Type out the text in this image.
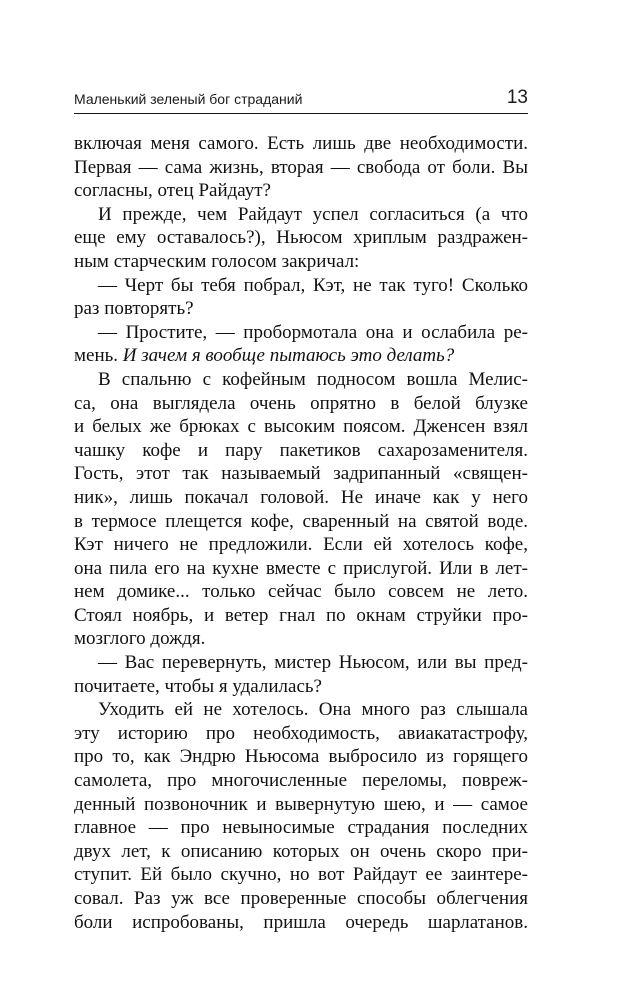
Маленький зеленый бог страданий	13

включая меня самого. Есть лишь две необходимости.
Первая — сама жизнь, вторая — свобода от боли. Вы
согласны, отец Райдаут?

И прежде, чем Райдаут успел согласиться (а что
еще ему оставалось?), Ньюсом хриплым раздражен-
ным старческим голосом закричал:

— Черт бы тебя побрал, Кэт, не так туго! Сколько
раз повторять?

— Простите, — пробормотала она и ослабила ре-
мень. И зачем я вообще пытаюсь это делать?

В спальню с кофейным подносом вошла Мелис-
са, она выглядела очень опрятно в белой блузке
и белых же брюках с высоким поясом. Дженсен взял
чашку кофе и пару пакетиков сахарозаменителя.
Гость, этот так называемый задрипанный «священ-
ник», лишь покачал головой. Не иначе как у него
в термосе плещется кофе, сваренный на святой воде.
Кэт ничего не предложили. Если ей хотелось кофе,
она пила его на кухне вместе с прислугой. Или в лет-
нем домике... только сейчас было совсем не лето.
Стоял ноябрь, и ветер гнал по окнам струйки про-
мозглого дождя.

— Вас перевернуть, мистер Ньюсом, или вы пред-
почитаете, чтобы я удалилась?

Уходить ей не хотелось. Она много раз слышала
эту историю про необходимость, авиакатастрофу,
про то, как Эндрю Ньюсома выбросило из горящего
самолета, про многочисленные переломы, повреж-
денный позвоночник и вывернутую шею, и — самое
главное — про невыносимые страдания последних
двух лет, к описанию которых он очень скоро при-
ступит. Ей было скучно, но вот Райдаут ее заинтере-
совал. Раз уж все проверенные способы облегчения
боли испробованы, пришла очередь шарлатанов.
